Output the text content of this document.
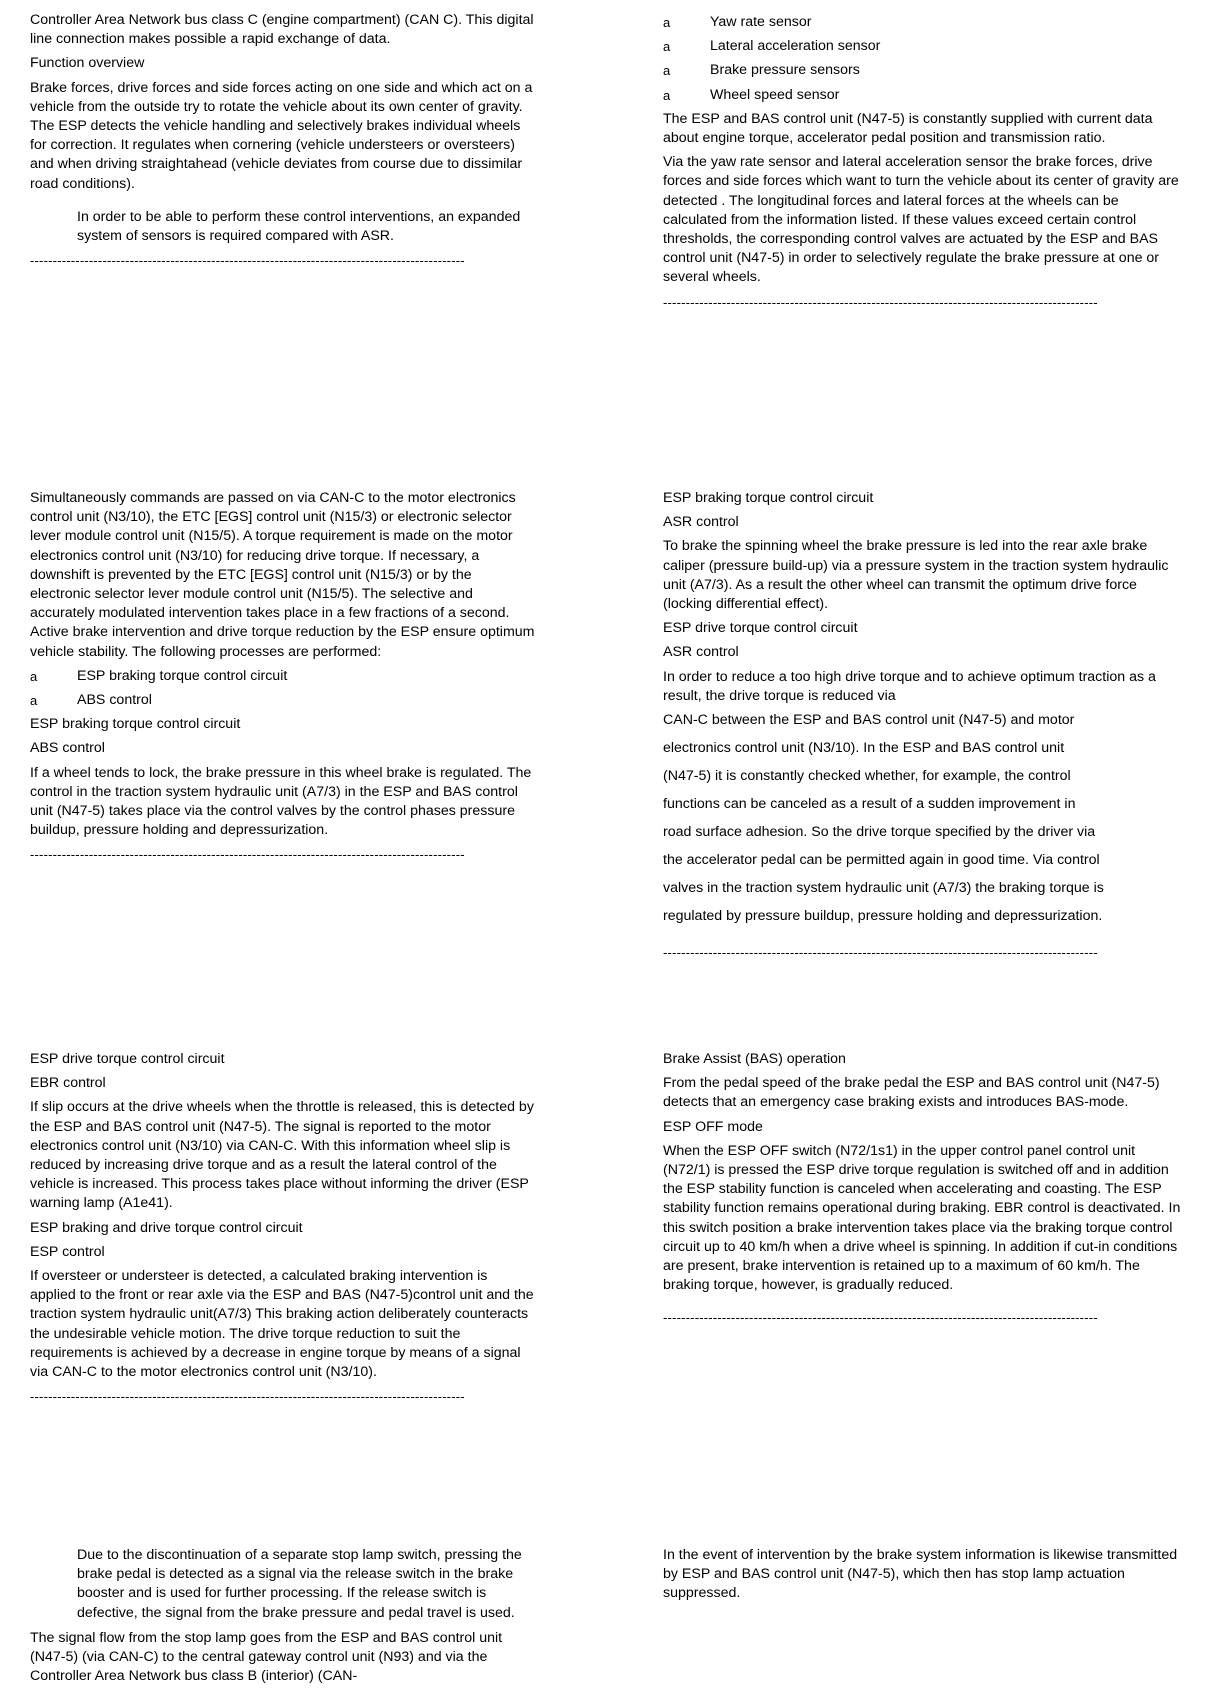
Controller Area Network bus class C (engine compartment) (CAN C). This digital line connection makes possible a rapid exchange of data.

Function overview

Brake forces, drive forces and side forces acting on one side and which act on a vehicle from the outside try to rotate the vehicle about its own center of gravity. The ESP detects the vehicle handling and selectively brakes individual wheels for correction. It regulates when cornering (vehicle understeers or oversteers) and when driving straightahead (vehicle deviates from course due to dissimilar road conditions).

In order to be able to perform these control interventions, an expanded system of sensors is required compared with ASR.

------------------------------------------------------------------------------------------------
a	Yaw rate sensor
a	Lateral acceleration sensor
a	Brake pressure sensors
a	Wheel speed sensor

The ESP and BAS control unit (N47-5) is constantly supplied with current data about engine torque, accelerator pedal position and transmission ratio.

Via the yaw rate sensor and lateral acceleration sensor the brake forces, drive forces and side forces which want to turn the vehicle about its center of gravity are detected . The longitudinal forces and lateral forces at the wheels can be calculated from the information listed. If these values exceed certain control thresholds, the corresponding control valves are actuated by the ESP and BAS control unit (N47-5) in order to selectively regulate the brake pressure at one or several wheels.

------------------------------------------------------------------------------------------------

Simultaneously commands are passed on via CAN-C to the motor electronics control unit (N3/10), the ETC [EGS] control unit (N15/3) or electronic selector lever module control unit (N15/5). A torque requirement is made on the motor electronics control unit (N3/10) for reducing drive torque. If necessary, a downshift is prevented by the ETC [EGS] control unit (N15/3) or by the electronic selector lever module control unit (N15/5). The selective and accurately modulated intervention takes place in a few fractions of a second. Active brake intervention and drive torque reduction by the ESP ensure optimum vehicle stability. The following processes are performed:

a	ESP braking torque control circuit
a	ABS control

ESP braking torque control circuit

ABS control

If a wheel tends to lock, the brake pressure in this wheel brake is regulated. The control in the traction system hydraulic unit (A7/3) in the ESP and BAS control unit (N47-5) takes place via the control valves by the control phases pressure buildup, pressure holding and depressurization.

------------------------------------------------------------------------------------------------

ESP braking torque control circuit

ASR control

To brake the spinning wheel the brake pressure is led into the rear axle brake caliper (pressure build-up) via a pressure system in the traction system hydraulic unit (A7/3). As a result the other wheel can transmit the optimum drive force (locking differential effect).

ESP drive torque control circuit

ASR control

In order to reduce a too high drive torque and to achieve optimum traction as a result, the drive torque is reduced via

CAN-C between the ESP and BAS control unit (N47-5) and motor

electronics control unit (N3/10). In the ESP and BAS control unit

(N47-5) it is constantly checked whether, for example, the control

functions can be canceled as a result of a sudden improvement in

road surface adhesion. So the drive torque specified by the driver via

the accelerator pedal can be permitted again in good time. Via control

valves in the traction system hydraulic unit (A7/3) the braking torque is

regulated by pressure buildup, pressure holding and depressurization.

------------------------------------------------------------------------------------------------

ESP drive torque control circuit

EBR control

If slip occurs at the drive wheels when the throttle is released, this is detected by the ESP and BAS control unit (N47-5). The signal is reported to the motor electronics control unit (N3/10) via CAN-C. With this information wheel slip is reduced by increasing drive torque and as a result the lateral control of the vehicle is increased. This process takes place without informing the driver (ESP warning lamp (A1e41).

ESP braking and drive torque control circuit

ESP control

If oversteer or understeer is detected, a calculated braking intervention is applied to the front or rear axle via the ESP and BAS (N47-5)control unit and the traction system hydraulic unit(A7/3) This braking action deliberately counteracts the undesirable vehicle motion. The drive torque reduction to suit the requirements is achieved by a decrease in engine torque by means of a signal via CAN-C to the motor electronics control unit (N3/10).

------------------------------------------------------------------------------------------------

Brake Assist (BAS) operation

From the pedal speed of the brake pedal the ESP and BAS control unit (N47-5) detects that an emergency case braking exists and introduces BAS-mode.

ESP OFF mode

When the ESP OFF switch (N72/1s1) in the upper control panel control unit (N72/1) is pressed the ESP drive torque regulation is switched off and in addition the ESP stability function is canceled when accelerating and coasting. The ESP stability function remains operational during braking. EBR control is deactivated. In this switch position a brake intervention takes place via the braking torque control circuit up to 40 km/h when a drive wheel is spinning. In addition if cut-in conditions are present, brake intervention is retained up to a maximum of 60 km/h. The braking torque, however, is gradually reduced.

------------------------------------------------------------------------------------------------

Due to the discontinuation of a separate stop lamp switch, pressing the brake pedal is detected as a signal via the release switch in the brake booster and is used for further processing. If the release switch is defective, the signal from the brake pressure and pedal travel is used.

The signal flow from the stop lamp goes from the ESP and BAS control unit (N47-5) (via CAN-C) to the central gateway control unit (N93) and via the Controller Area Network bus class B (interior) (CAN-

In the event of intervention by the brake system information is likewise transmitted by ESP and BAS control unit (N47-5), which then has stop lamp actuation suppressed.
